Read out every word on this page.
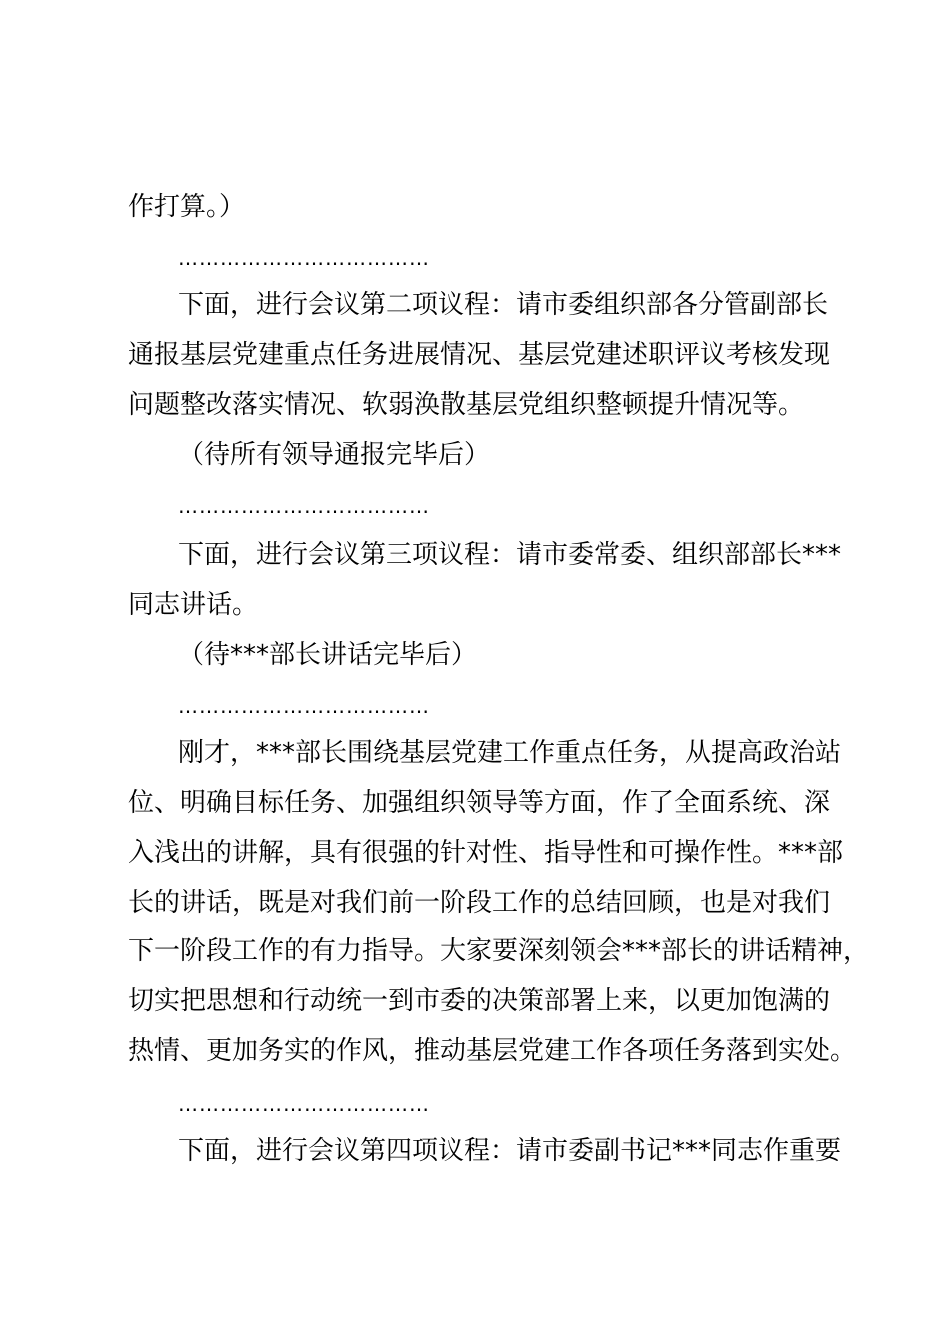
作打算。）
………………………………
下面，进行会议第二项议程：请市委组织部各分管副部长
通报基层党建重点任务进展情况、基层党建述职评议考核发现
问题整改落实情况、软弱涣散基层党组织整顿提升情况等。
（待所有领导通报完毕后）
………………………………
下面，进行会议第三项议程：请市委常委、组织部部长***
同志讲话。
（待***部长讲话完毕后）
………………………………
刚才，***部长围绕基层党建工作重点任务，从提高政治站
位、明确目标任务、加强组织领导等方面，作了全面系统、深
入浅出的讲解，具有很强的针对性、指导性和可操作性。***部
长的讲话，既是对我们前一阶段工作的总结回顾，也是对我们
下一阶段工作的有力指导。大家要深刻领会***部长的讲话精神，
切实把思想和行动统一到市委的决策部署上来，以更加饱满的
热情、更加务实的作风，推动基层党建工作各项任务落到实处。
………………………………
下面，进行会议第四项议程：请市委副书记***同志作重要
